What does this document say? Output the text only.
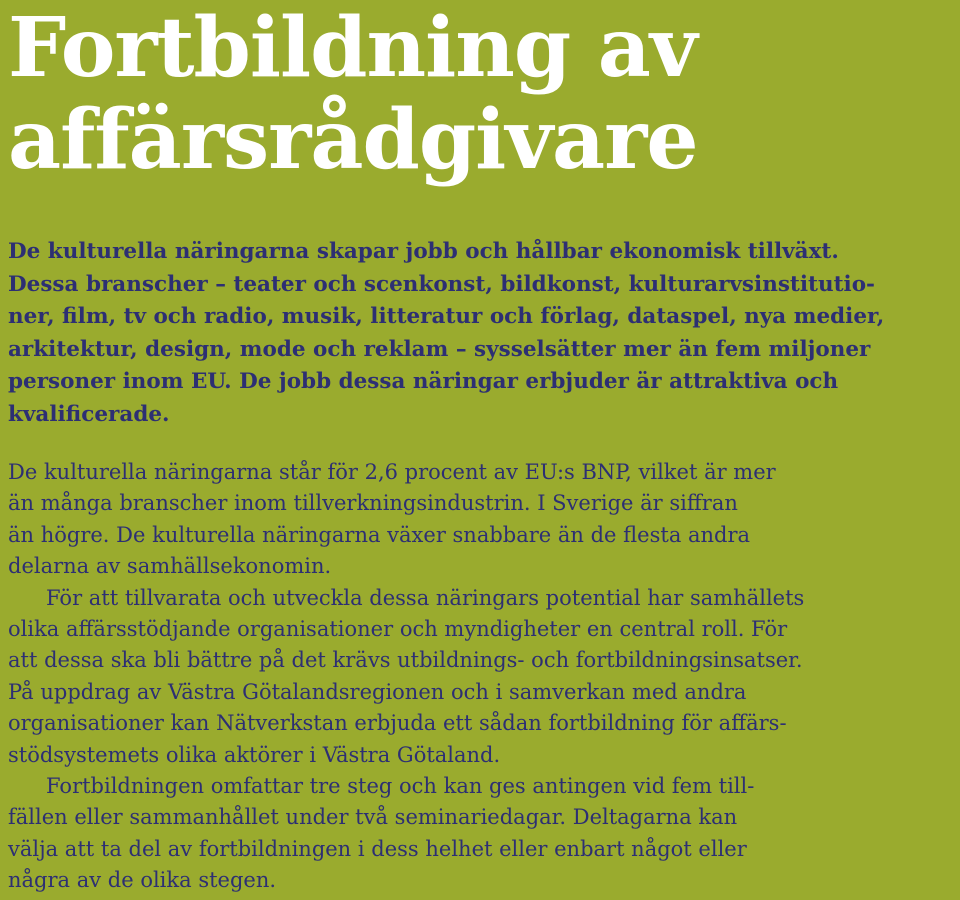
Fortbildning av
affärsrådgivare

De kulturella näringarna skapar jobb och hållbar ekonomisk tillväxt.
Dessa branscher – teater och scenkonst, bildkonst, kulturarvsinstitutio-
ner, film, tv och radio, musik, litteratur och förlag, dataspel, nya medier,
arkitektur, design, mode och reklam – sysselsätter mer än fem miljoner
personer inom EU. De jobb dessa näringar erbjuder är attraktiva och
kvalificerade.

De kulturella näringarna står för 2,6 procent av EU:s BNP, vilket är mer
än många branscher inom tillverkningsindustrin. I Sverige är siffran
än högre. De kulturella näringarna växer snabbare än de flesta andra
delarna av samhällsekonomin.
För att tillvarata och utveckla dessa näringars potential har samhällets
olika affärsstödjande organisationer och myndigheter en central roll. För
att dessa ska bli bättre på det krävs utbildnings- och fortbildningsinsatser.
På uppdrag av Västra Götalandsregionen och i samverkan med andra
organisationer kan Nätverkstan erbjuda ett sådan fortbildning för affärs-
stödsystemets olika aktörer i Västra Götaland.
Fortbildningen omfattar tre steg och kan ges antingen vid fem till-
fällen eller sammanhållet under två seminariedagar. Deltagarna kan
välja att ta del av fortbildningen i dess helhet eller enbart något eller
några av de olika stegen.
